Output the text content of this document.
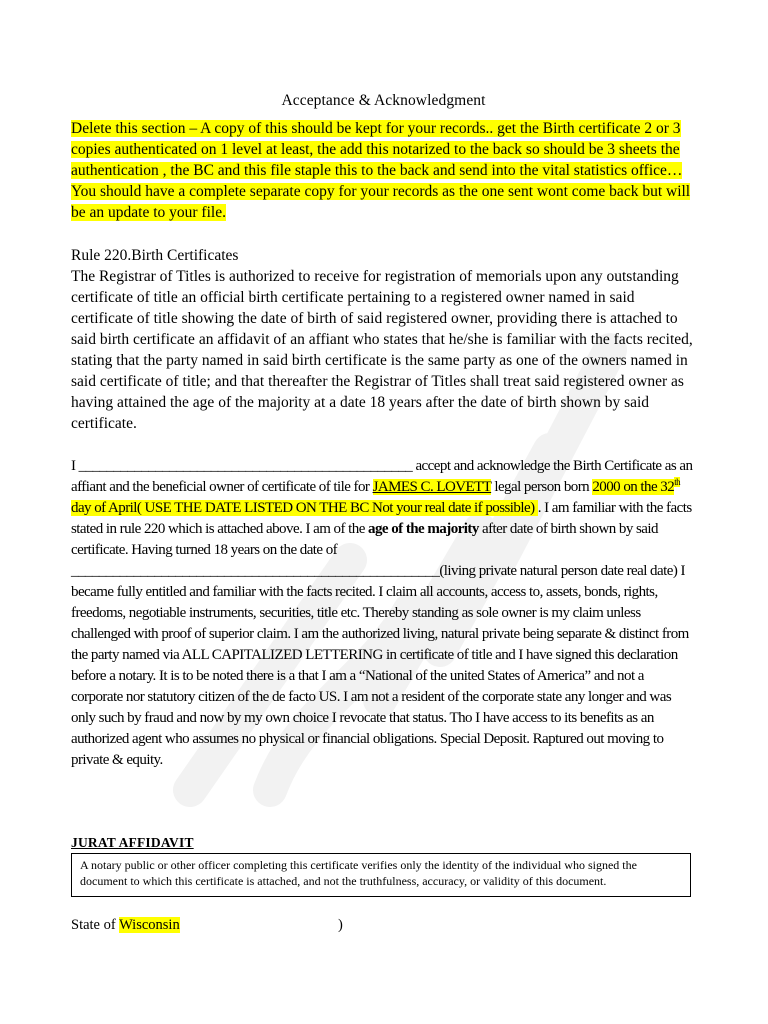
Acceptance & Acknowledgment

Delete this section – A copy of this should be kept for your records.. get the Birth certificate 2 or 3 copies authenticated on 1 level at least, the add this notarized to the back so should be 3 sheets the authentication , the BC and this file staple this to the back and send into the vital statistics office… You should have a complete separate copy for your records as the one sent wont come back but will be an update to your file.

Rule 220.Birth Certificates

The Registrar of Titles is authorized to receive for registration of memorials upon any outstanding certificate of title an official birth certificate pertaining to a registered owner named in said certificate of title showing the date of birth of said registered owner, providing there is attached to said birth certificate an affidavit of an affiant who states that he/she is familiar with the facts recited, stating that the party named in said birth certificate is the same party as one of the owners named in said certificate of title; and that thereafter the Registrar of Titles shall treat said registered owner as having attained the age of the majority at a date 18 years after the date of birth shown by said certificate.

I ________________________________________________ accept and acknowledge the Birth Certificate as an affiant and the beneficial owner of certificate of tile for JAMES C. LOVETT legal person born 2000 on the 32th day of April( USE THE DATE LISTED ON THE BC Not your real date if possible) . I am familiar with the facts stated in rule 220 which is attached above. I am of the age of the majority after date of birth shown by said certificate. Having turned 18 years on the date of _____________________________________________________(living private natural person date real date) I became fully entitled and familiar with the facts recited. I claim all accounts, access to, assets, bonds, rights, freedoms, negotiable instruments, securities, title etc. Thereby standing as sole owner is my claim unless challenged with proof of superior claim. I am the authorized living, natural private being separate & distinct from the party named via ALL CAPITALIZED LETTERING in certificate of title and I have signed this declaration before a notary. It is to be noted there is a that I am a “National of the united States of America” and not a corporate nor statutory citizen of the de facto US. I am not a resident of the corporate state any longer and was only such by fraud and now by my own choice I revocate that status. Tho I have access to its benefits as an authorized agent who assumes no physical or financial obligations. Special Deposit. Raptured out moving to private & equity.

JURAT AFFIDAVIT
A notary public or other officer completing this certificate verifies only the identity of the individual who signed the document to which this certificate is attached, and not the truthfulness, accuracy, or validity of this document.
State of Wisconsin	)
